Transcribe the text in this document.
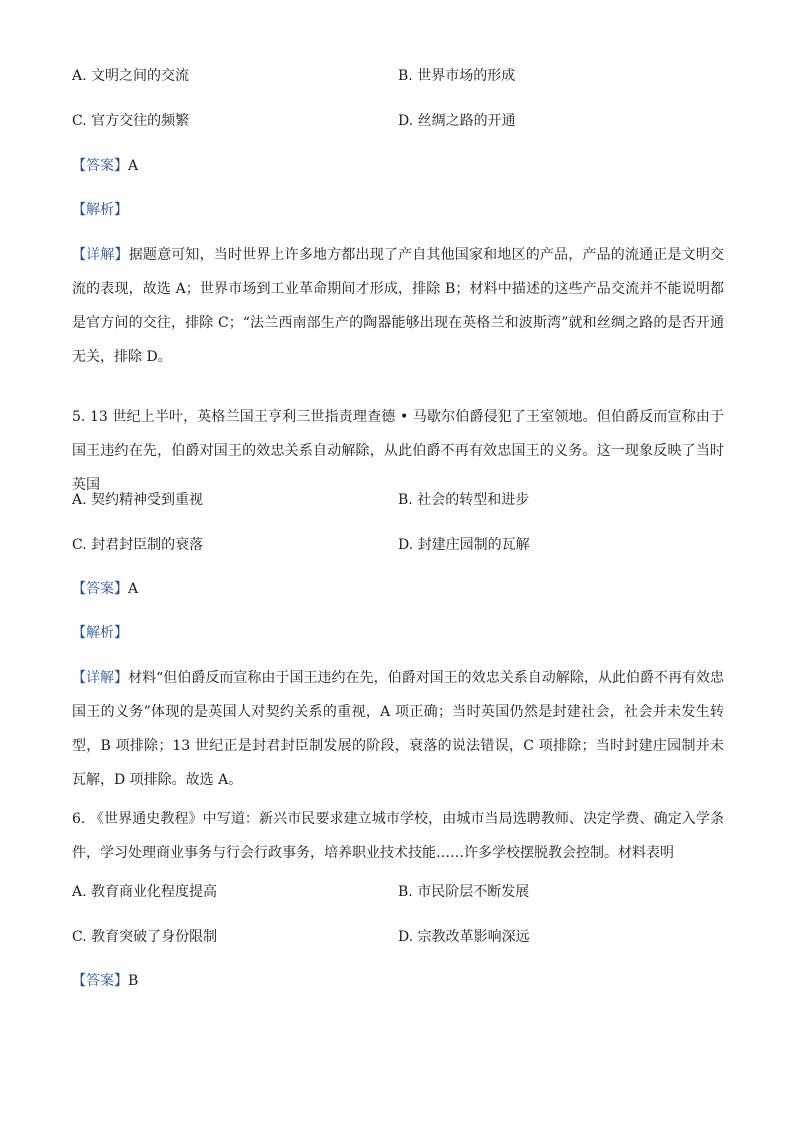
A. 文明之间的交流	B. 世界市场的形成
C. 官方交往的频繁	D. 丝绸之路的开通
【答案】A
【解析】
【详解】据题意可知，当时世界上许多地方都出现了产自其他国家和地区的产品，产品的流通正是文明交流的表现，故选 A；世界市场到工业革命期间才形成，排除 B；材料中描述的这些产品交流并不能说明都是官方间的交往，排除 C；“法兰西南部生产的陶器能够出现在英格兰和波斯湾”就和丝绸之路的是否开通无关，排除 D。
5. 13 世纪上半叶，英格兰国王亨利三世指责理查德 • 马歇尔伯爵侵犯了王室领地。但伯爵反而宣称由于国王违约在先，伯爵对国王的效忠关系自动解除，从此伯爵不再有效忠国王的义务。这一现象反映了当时英国
A. 契约精神受到重视	B. 社会的转型和进步
C. 封君封臣制的衰落	D. 封建庄园制的瓦解
【答案】A
【解析】
【详解】材料“但伯爵反而宣称由于国王违约在先，伯爵对国王的效忠关系自动解除，从此伯爵不再有效忠国王的义务”体现的是英国人对契约关系的重视，A 项正确；当时英国仍然是封建社会，社会并未发生转型，B 项排除；13 世纪正是封君封臣制发展的阶段，衰落的说法错误，C 项排除；当时封建庄园制并未瓦解，D 项排除。故选 A。
6. 《世界通史教程》中写道：新兴市民要求建立城市学校，由城市当局选聘教师、决定学费、确定入学条件，学习处理商业事务与行会行政事务，培养职业技术技能……许多学校摆脱教会控制。材料表明
A. 教育商业化程度提高	B. 市民阶层不断发展
C. 教育突破了身份限制	D. 宗教改革影响深远
【答案】B
